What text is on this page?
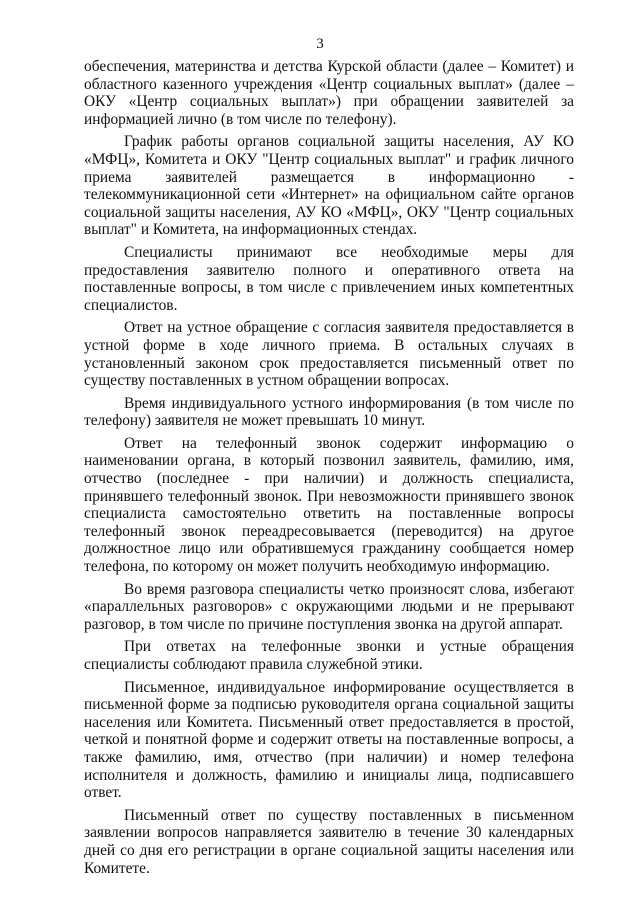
3

обеспечения, материнства и детства Курской области (далее – Комитет) и областного казенного учреждения «Центр социальных выплат» (далее – ОКУ «Центр социальных выплат») при обращении заявителей за информацией лично (в том числе по телефону).

График работы органов социальной защиты населения, АУ КО «МФЦ», Комитета и ОКУ "Центр социальных выплат" и график личного приема заявителей размещается в информационно - телекоммуникационной сети «Интернет» на официальном сайте органов социальной защиты населения, АУ КО «МФЦ», ОКУ "Центр социальных выплат" и Комитета, на информационных стендах.

Специалисты принимают все необходимые меры для предоставления заявителю полного и оперативного ответа на поставленные вопросы, в том числе с привлечением иных компетентных специалистов.

Ответ на устное обращение с согласия заявителя предоставляется в устной форме в ходе личного приема. В остальных случаях в установленный законом срок предоставляется письменный ответ по существу поставленных в устном обращении вопросах.

Время индивидуального устного информирования (в том числе по телефону) заявителя не может превышать 10 минут.

Ответ на телефонный звонок содержит информацию о наименовании органа, в который позвонил заявитель, фамилию, имя, отчество (последнее - при наличии) и должность специалиста, принявшего телефонный звонок. При невозможности принявшего звонок специалиста самостоятельно ответить на поставленные вопросы телефонный звонок переадресовывается (переводится) на другое должностное лицо или обратившемуся гражданину сообщается номер телефона, по которому он может получить необходимую информацию.

Во время разговора специалисты четко произносят слова, избегают «параллельных разговоров» с окружающими людьми и не прерывают разговор, в том числе по причине поступления звонка на другой аппарат.

При ответах на телефонные звонки и устные обращения специалисты соблюдают правила служебной этики.

Письменное, индивидуальное информирование осуществляется в письменной форме за подписью руководителя органа социальной защиты населения или Комитета. Письменный ответ предоставляется в простой, четкой и понятной форме и содержит ответы на поставленные вопросы, а также фамилию, имя, отчество (при наличии) и номер телефона исполнителя и должность, фамилию и инициалы лица, подписавшего ответ.

Письменный ответ по существу поставленных в письменном заявлении вопросов направляется заявителю в течение 30 календарных дней со дня его регистрации в органе социальной защиты населения или Комитете.
